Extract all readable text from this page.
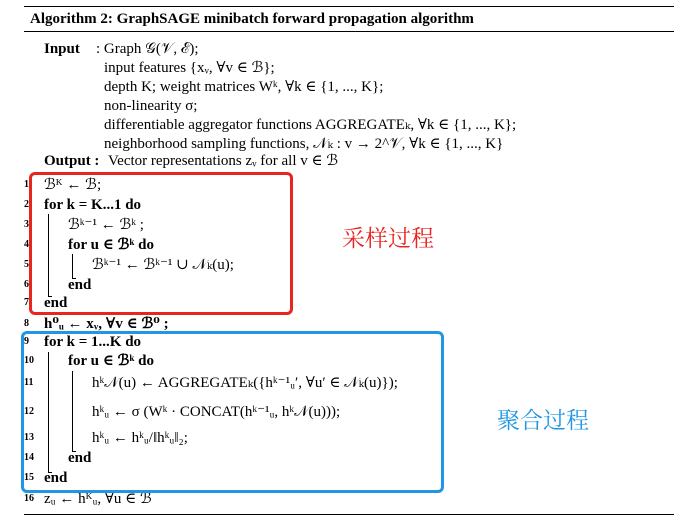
Algorithm 2: GraphSAGE minibatch forward propagation algorithm
Input : Graph 𝒢(𝒱, ℰ);
input features {xᵥ, ∀v ∈ ℬ};
depth K; weight matrices Wᵏ, ∀k ∈ {1, ..., K};
non-linearity σ;
differentiable aggregator functions AGGREGATEₖ, ∀k ∈ {1, ..., K};
neighborhood sampling functions, 𝒩ₖ : v → 2^𝒱, ∀k ∈ {1, ..., K}
Output : Vector representations zᵥ for all v ∈ ℬ
1
2
3
4
5
6
7
8
9
10
11
12
13
14
15
16
ℬᴷ ← ℬ;
for k = K...1 do
ℬᵏ⁻¹ ← ℬᵏ ;
for u ∈ ℬᵏ do
ℬᵏ⁻¹ ← ℬᵏ⁻¹ ∪ 𝒩ₖ(u);
end
end
h⁰ᵤ ← xᵥ, ∀v ∈ ℬ⁰ ;
for k = 1...K do
for u ∈ ℬᵏ do
hᵏ𝒩(u) ← AGGREGATEₖ({hᵏ⁻¹ᵤ′, ∀u′ ∈ 𝒩ₖ(u)});
hᵏᵤ ← σ (Wᵏ · CONCAT(hᵏ⁻¹ᵤ, hᵏ𝒩(u)));
hᵏᵤ ← hᵏᵤ/‖hᵏᵤ‖₂;
end
end
zᵤ ← hᴷᵤ, ∀u ∈ ℬ
采样过程
聚合过程
